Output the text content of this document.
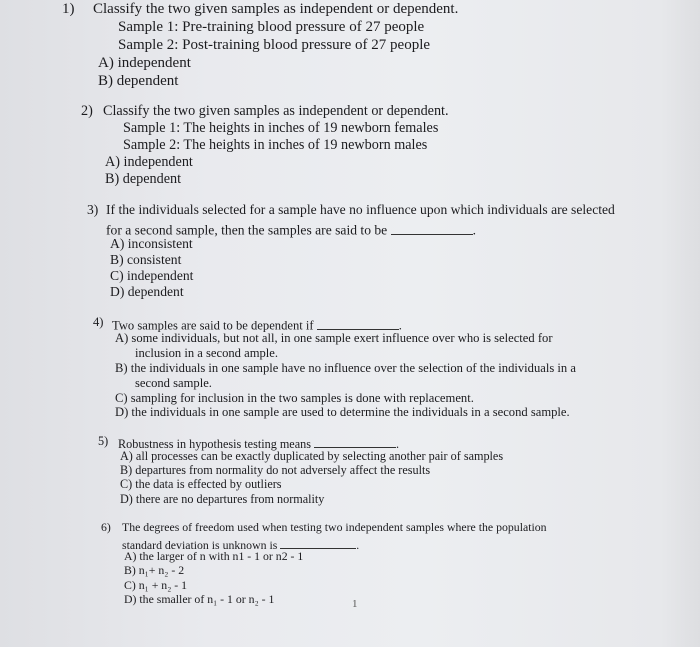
1) Classify the two given samples as independent or dependent.
Sample 1: Pre-training blood pressure of 27 people
Sample 2: Post-training blood pressure of 27 people
A) independent
B) dependent
2) Classify the two given samples as independent or dependent.
Sample 1: The heights in inches of 19 newborn females
Sample 2: The heights in inches of 19 newborn males
A) independent
B) dependent
3) If the individuals selected for a sample have no influence upon which individuals are selected
for a second sample, then the samples are said to be	.
A) inconsistent
B) consistent
C) independent
D) dependent
4) Two samples are said to be dependent if	.
A) some individuals, but not all, in one sample exert influence over who is selected for
inclusion in a second ample.
B) the individuals in one sample have no influence over the selection of the individuals in a
second sample.
C) sampling for inclusion in the two samples is done with replacement.
D) the individuals in one sample are used to determine the individuals in a second sample.
5) Robustness in hypothesis testing means	.
A) all processes can be exactly duplicated by selecting another pair of samples
B) departures from normality do not adversely affect the results
C) the data is effected by outliers
D) there are no departures from normality
6) The degrees of freedom used when testing two independent samples where the population
standard deviation is unknown is	.
A) the larger of n with n1 - 1 or n2 - 1
B) n₁+ n₂ - 2
C) n₁ + n₂ - 1
D) the smaller of n₁ - 1 or n₂ - 1	1
